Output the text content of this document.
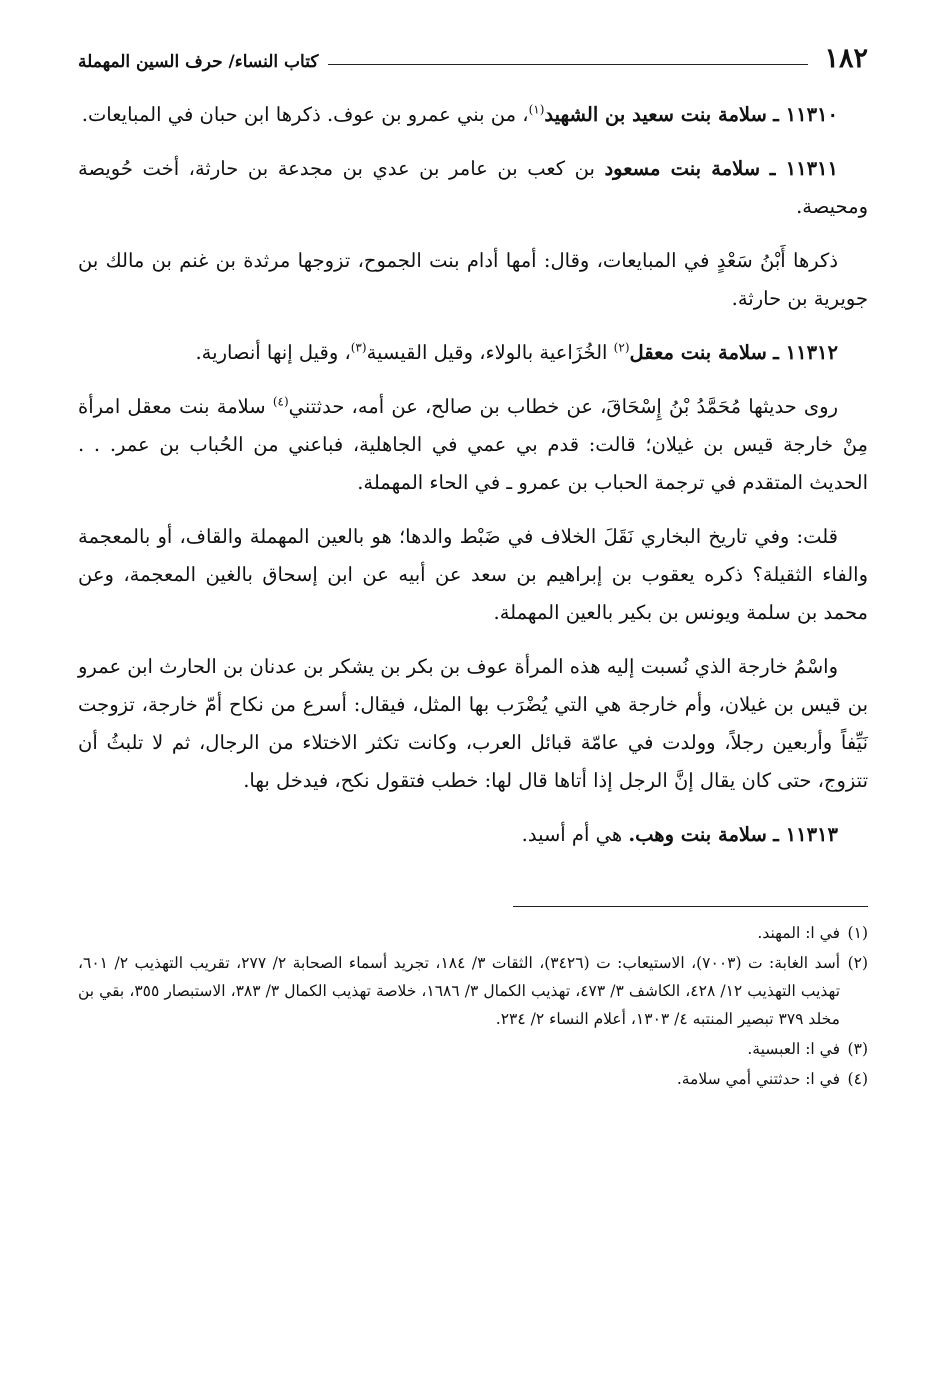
١٨٢
كتاب النساء/ حرف السين المهملة

١١٣١٠ ـ سلامة بنت سعيد بن الشهيد$^{(١)}$، من بني عمرو بن عوف. ذكرها ابن حبان في المبايعات.

١١٣١١ ـ سلامة بنت مسعود بن كعب بن عامر بن عدي بن مجدعة بن حارثة، أخت حُويصة ومحيصة.

ذكرها أَبْنُ سَعْدٍ في المبايعات، وقال: أمها أدام بنت الجموح، تزوجها مرثدة بن غنم بن مالك بن جويرية بن حارثة.

١١٣١٢ ـ سلامة بنت معقل$^{(٢)}$ الخُزَاعية بالولاء، وقيل القيسية$^{(٣)}$، وقيل إنها أنصارية.

روى حديثها مُحَمَّدُ بْنُ إِسْحَاقَ، عن خطاب بن صالح، عن أمه، حدثتني$^{(٤)}$ سلامة بنت معقل امرأة مِنْ خارجة قيس بن غيلان؛ قالت: قدم بي عمي في الجاهلية، فباعني من الحُباب بن عمر. . . الحديث المتقدم في ترجمة الحباب بن عمرو ـ في الحاء المهملة.

قلت: وفي تاريخ البخاري نَقَلَ الخلاف في ضَبْط والدها؛ هو بالعين المهملة والقاف، أو بالمعجمة والفاء الثقيلة؟ ذكره يعقوب بن إبراهيم بن سعد عن أبيه عن ابن إسحاق بالغين المعجمة، وعن محمد بن سلمة ويونس بن بكير بالعين المهملة.

واسْمُ خارجة الذي نُسبت إليه هذه المرأة عوف بن بكر بن يشكر بن عدنان بن الحارث ابن عمرو بن قيس بن غيلان، وأم خارجة هي التي يُضْرَب بها المثل، فيقال: أسرع من نكاح أمّ خارجة، تزوجت نَيِّفاً وأربعين رجلاً، وولدت في عامّة قبائل العرب، وكانت تكثر الاختلاء من الرجال، ثم لا تلبثُ أن تتزوج، حتى كان يقال إنَّ الرجل إذا أتاها قال لها: خطب فتقول نكح، فيدخل بها.

١١٣١٣ ـ سلامة بنت وهب. هي أم أسيد.

(١)في ا: المهند.

(٢)أسد الغابة: ت (٧٠٠٣)، الاستيعاب: ت (٣٤٢٦)، الثقات ٣/ ١٨٤، تجريد أسماء الصحابة ٢/ ٢٧٧، تقريب التهذيب ٢/ ٦٠١، تهذيب التهذيب ١٢/ ٤٢٨، الكاشف ٣/ ٤٧٣، تهذيب الكمال ٣/ ١٦٨٦، خلاصة تهذيب الكمال ٣/ ٣٨٣، الاستبصار ٣٥٥، بقي بن مخلد ٣٧٩ تبصير المنتبه ٤/ ١٣٠٣، أعلام النساء ٢/ ٢٣٤.

(٣)في ا: العبسية.

(٤)في ا: حدثتني أمي سلامة.
